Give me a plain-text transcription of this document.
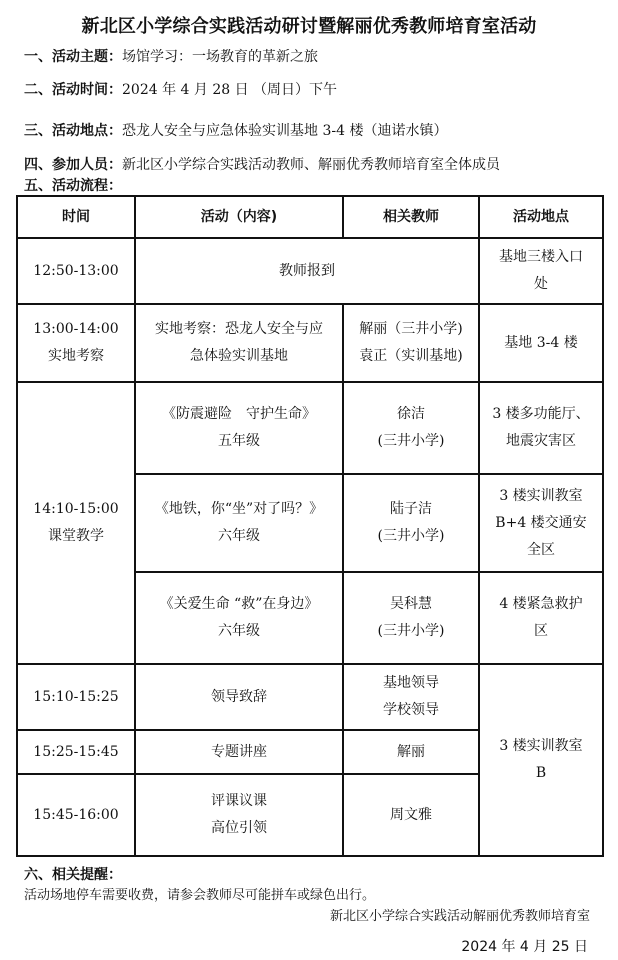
新北区小学综合实践活动研讨暨解丽优秀教师培育室活动
一、活动主题：场馆学习：一场教育的革新之旅
二、活动时间：2024 年 4 月 28 日 （周日）下午
三、活动地点：恐龙人安全与应急体验实训基地 3-4 楼（迪诺水镇）
四、参加人员：新北区小学综合实践活动教师、解丽优秀教师培育室全体成员
五、活动流程：
时间	活动（内容)	相关教师	活动地点

12:50-13:00	教师报到		基地三楼入口
处

13:00-14:00
实地考察	实地考察：恐龙人安全与应
急体验实训基地	解丽（三井小学)
袁正（实训基地)	基地 3-4 楼

14:10-15:00
课堂教学	《防震避险　守护生命》
五年级	徐洁
(三井小学)	3 楼多功能厅、
地震灾害区

	《地铁，你“坐”对了吗？》
六年级	陆子洁
(三井小学)	3 楼实训教室
B+4 楼交通安
全区

	《关爱生命 “救”在身边》
六年级	吴科慧
(三井小学)	4 楼紧急救护
区

15:10-15:25	领导致辞	基地领导
学校领导	3 楼实训教室
B

15:25-15:45	专题讲座	解丽	

15:45-16:00	评课议课
高位引领	周文雅	
六、相关提醒：
活动场地停车需要收费，请参会教师尽可能拼车或绿色出行。
新北区小学综合实践活动解丽优秀教师培育室
2024 年 4 月 25 日
